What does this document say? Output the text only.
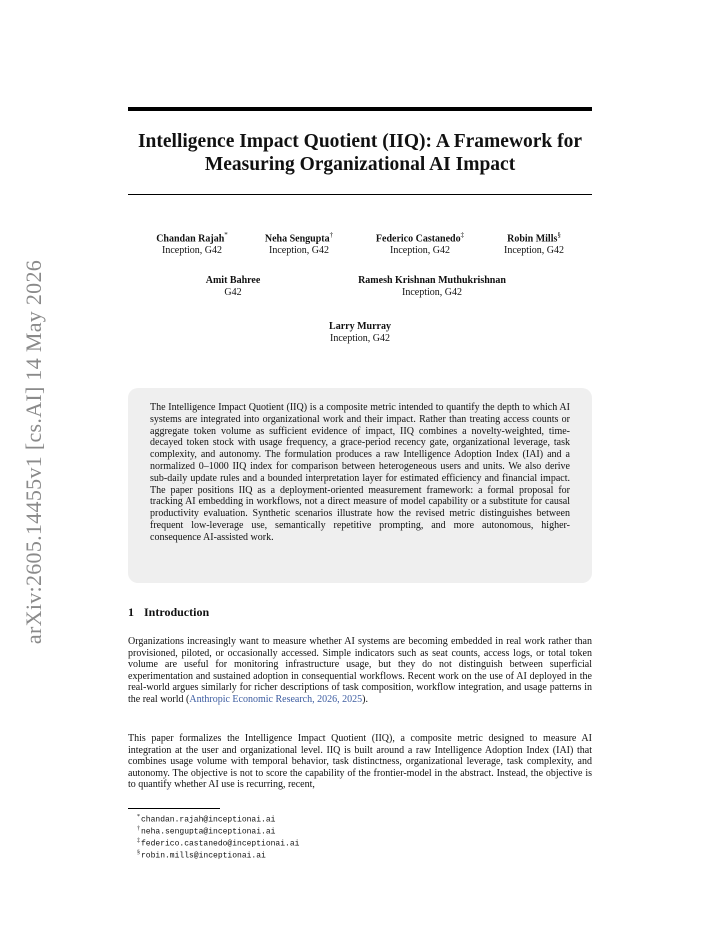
arXiv:2605.14455v1 [cs.AI] 14 May 2026
Intelligence Impact Quotient (IIQ): A Framework for
Measuring Organizational AI Impact
Chandan Rajah*
Inception, G42
Neha Sengupta†
Inception, G42
Federico Castanedo‡
Inception, G42
Robin Mills§
Inception, G42
Amit Bahree
G42
Ramesh Krishnan Muthukrishnan
Inception, G42
Larry Murray
Inception, G42

The Intelligence Impact Quotient (IIQ) is a composite metric intended to quantify the depth to which AI systems are integrated into organizational work and their impact. Rather than treating access counts or aggregate token volume as sufficient evidence of impact, IIQ combines a novelty-weighted, time-decayed token stock with usage frequency, a grace-period recency gate, organizational leverage, task complexity, and autonomy. The formulation produces a raw Intelligence Adoption Index (IAI) and a normalized 0–1000 IIQ index for comparison between heterogeneous users and units. We also derive sub-daily update rules and a bounded interpretation layer for estimated efficiency and financial impact. The paper positions IIQ as a deployment-oriented measurement framework: a formal proposal for tracking AI embedding in workflows, not a direct measure of model capability or a substitute for causal productivity evaluation. Synthetic scenarios illustrate how the revised metric distinguishes between frequent low-leverage use, semantically repetitive prompting, and more autonomous, higher-consequence AI-assisted work.

1 Introduction

Organizations increasingly want to measure whether AI systems are becoming embedded in real work rather than provisioned, piloted, or occasionally accessed. Simple indicators such as seat counts, access logs, or total token volume are useful for monitoring infrastructure usage, but they do not distinguish between superficial experimentation and sustained adoption in consequential workflows. Recent work on the use of AI deployed in the real-world argues similarly for richer descriptions of task composition, workflow integration, and usage patterns in the real world (Anthropic Economic Research, 2026, 2025).

This paper formalizes the Intelligence Impact Quotient (IIQ), a composite metric designed to measure AI integration at the user and organizational level. IIQ is built around a raw Intelligence Adoption Index (IAI) that combines usage volume with temporal behavior, task distinctness, organizational leverage, task complexity, and autonomy. The objective is not to score the capability of the frontier-model in the abstract. Instead, the objective is to quantify whether AI use is recurring, recent,

*chandan.rajah@inceptionai.ai
†neha.sengupta@inceptionai.ai
‡federico.castanedo@inceptionai.ai
§robin.mills@inceptionai.ai
